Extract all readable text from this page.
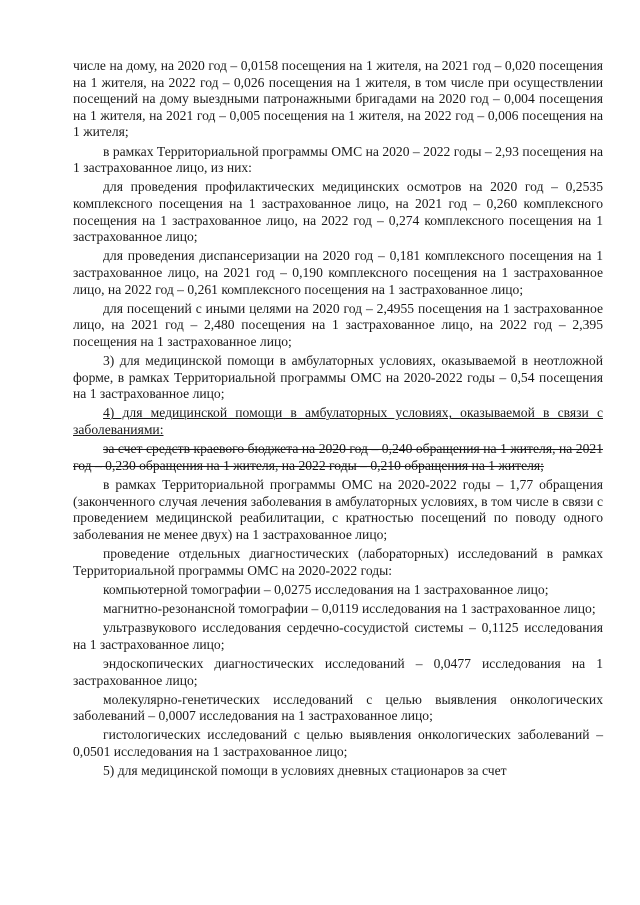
числе на дому, на 2020 год – 0,0158 посещения на 1 жителя, на 2021 год – 0,020 посещения на 1 жителя, на 2022 год – 0,026 посещения на 1 жителя, в том числе при осуществлении посещений на дому выездными патронажными бригадами на 2020 год – 0,004 посещения на 1 жителя, на 2021 год – 0,005 посещения на 1 жителя, на 2022 год – 0,006 посещения на 1 жителя;

в рамках Территориальной программы ОМС на 2020 – 2022 годы – 2,93 посещения на 1 застрахованное лицо, из них:

для проведения профилактических медицинских осмотров на 2020 год – 0,2535 комплексного посещения на 1 застрахованное лицо, на 2021 год – 0,260 комплексного посещения на 1 застрахованное лицо, на 2022 год – 0,274 комплексного посещения на 1 застрахованное лицо;

для проведения диспансеризации на 2020 год – 0,181 комплексного посещения на 1 застрахованное лицо, на 2021 год – 0,190 комплексного посещения на 1 застрахованное лицо, на 2022 год – 0,261 комплексного посещения на 1 застрахованное лицо;

для посещений с иными целями на 2020 год – 2,4955 посещения на 1 застрахованное лицо, на 2021 год – 2,480 посещения на 1 застрахованное лицо, на 2022 год – 2,395 посещения на 1 застрахованное лицо;

3) для медицинской помощи в амбулаторных условиях, оказываемой в неотложной форме, в рамках Территориальной программы ОМС на 2020-2022 годы – 0,54 посещения на 1 застрахованное лицо;

4) для медицинской помощи в амбулаторных условиях, оказываемой в связи с заболеваниями:

за счет средств краевого бюджета на 2020 год – 0,240 обращения на 1 жителя, на 2021 год – 0,230 обращения на 1 жителя, на 2022 годы – 0,210 обращения на 1 жителя;

в рамках Территориальной программы ОМС на 2020-2022 годы – 1,77 обращения (законченного случая лечения заболевания в амбулаторных условиях, в том числе в связи с проведением медицинской реабилитации, с кратностью посещений по поводу одного заболевания не менее двух) на 1 застрахованное лицо;

проведение отдельных диагностических (лабораторных) исследований в рамках Территориальной программы ОМС на 2020-2022 годы:

компьютерной томографии – 0,0275 исследования на 1 застрахованное лицо;

магнитно-резонансной томографии – 0,0119 исследования на 1 застрахованное лицо;

ультразвукового исследования сердечно-сосудистой системы – 0,1125 исследования на 1 застрахованное лицо;

эндоскопических диагностических исследований – 0,0477 исследования на 1 застрахованное лицо;

молекулярно-генетических исследований с целью выявления онкологических заболеваний – 0,0007 исследования на 1 застрахованное лицо;

гистологических исследований с целью выявления онкологических заболеваний – 0,0501 исследования на 1 застрахованное лицо;

5) для медицинской помощи в условиях дневных стационаров за счет
